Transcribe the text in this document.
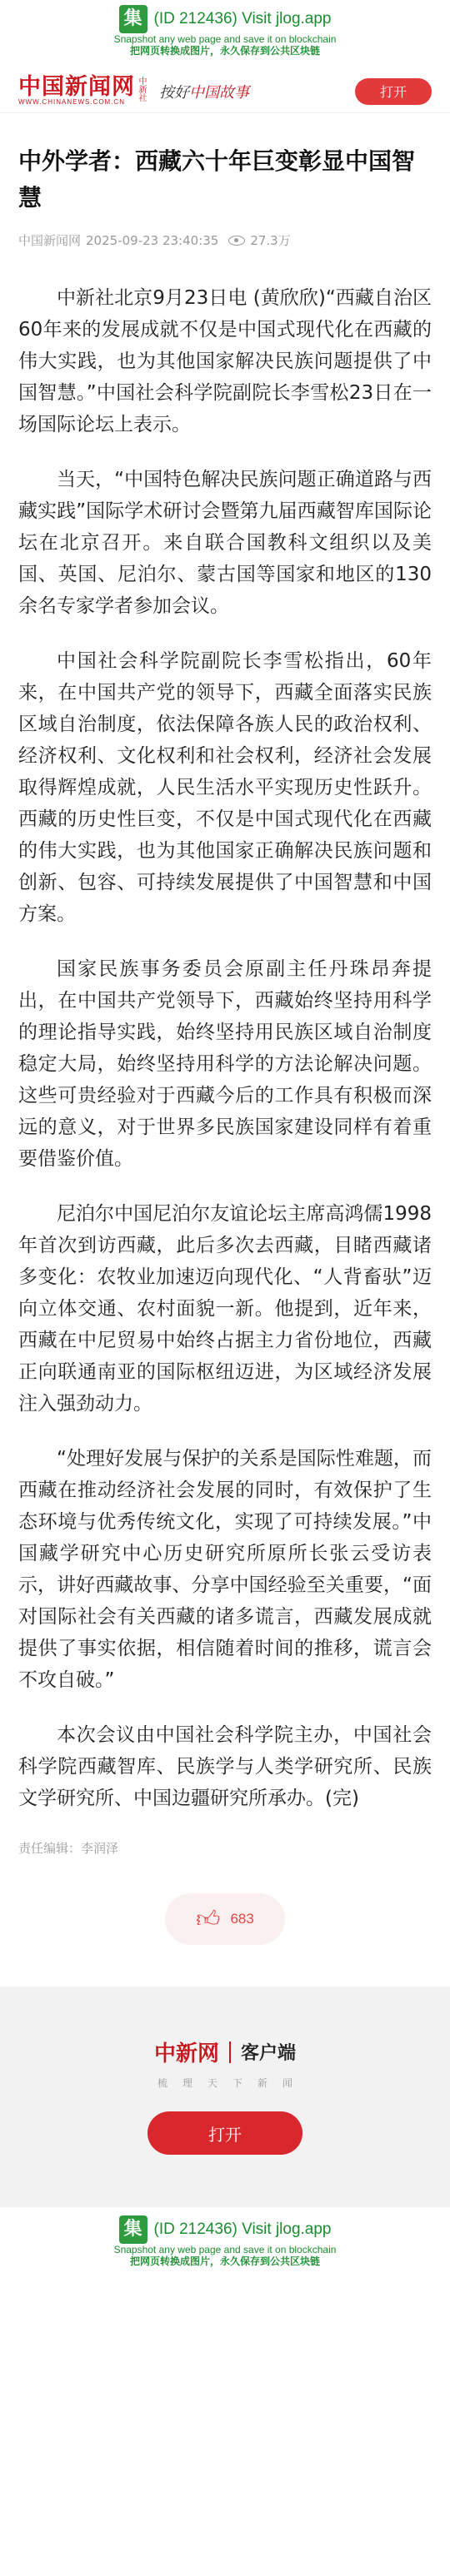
集 (ID 212436) Visit jlog.app
Snapshot any web page and save it on blockchain
把网页转换成图片，永久保存到公共区块链
中国新闻网
WWW.CHINANEWS.COM.CN
中新社 按好中国故事	打开
中外学者：西藏六十年巨变彰显中国智慧
中国新闻网 2025-09-23 23:40:35	27.3万

中新社北京9月23日电 (黄欣欣)“西藏自治区60年来的发展成就不仅是中国式现代化在西藏的伟大实践，也为其他国家解决民族问题提供了中国智慧。”中国社会科学院副院长李雪松23日在一场国际论坛上表示。

当天，“中国特色解决民族问题正确道路与西藏实践”国际学术研讨会暨第九届西藏智库国际论坛在北京召开。来自联合国教科文组织以及美国、英国、尼泊尔、蒙古国等国家和地区的130余名专家学者参加会议。

中国社会科学院副院长李雪松指出，60年来，在中国共产党的领导下，西藏全面落实民族区域自治制度，依法保障各族人民的政治权利、经济权利、文化权利和社会权利，经济社会发展取得辉煌成就，人民生活水平实现历史性跃升。西藏的历史性巨变，不仅是中国式现代化在西藏的伟大实践，也为其他国家正确解决民族问题和创新、包容、可持续发展提供了中国智慧和中国方案。

国家民族事务委员会原副主任丹珠昂奔提出，在中国共产党领导下，西藏始终坚持用科学的理论指导实践，始终坚持用民族区域自治制度稳定大局，始终坚持用科学的方法论解决问题。这些可贵经验对于西藏今后的工作具有积极而深远的意义，对于世界多民族国家建设同样有着重要借鉴价值。

尼泊尔中国尼泊尔友谊论坛主席高鸿儒1998年首次到访西藏，此后多次去西藏，目睹西藏诸多变化：农牧业加速迈向现代化、“人背畜驮”迈向立体交通、农村面貌一新。他提到，近年来，西藏在中尼贸易中始终占据主力省份地位，西藏正向联通南亚的国际枢纽迈进，为区域经济发展注入强劲动力。

“处理好发展与保护的关系是国际性难题，而西藏在推动经济社会发展的同时，有效保护了生态环境与优秀传统文化，实现了可持续发展。”中国藏学研究中心历史研究所原所长张云受访表示，讲好西藏故事、分享中国经验至关重要，“面对国际社会有关西藏的诸多谎言，西藏发展成就提供了事实依据，相信随着时间的推移，谎言会不攻自破。”

本次会议由中国社会科学院主办，中国社会科学院西藏智库、民族学与人类学研究所、民族文学研究所、中国边疆研究所承办。(完)

责任编辑：李润泽
👍︎ 683
中新网 客户端
梳理天下新闻
打开
集 (ID 212436) Visit jlog.app
Snapshot any web page and save it on blockchain
把网页转换成图片，永久保存到公共区块链
